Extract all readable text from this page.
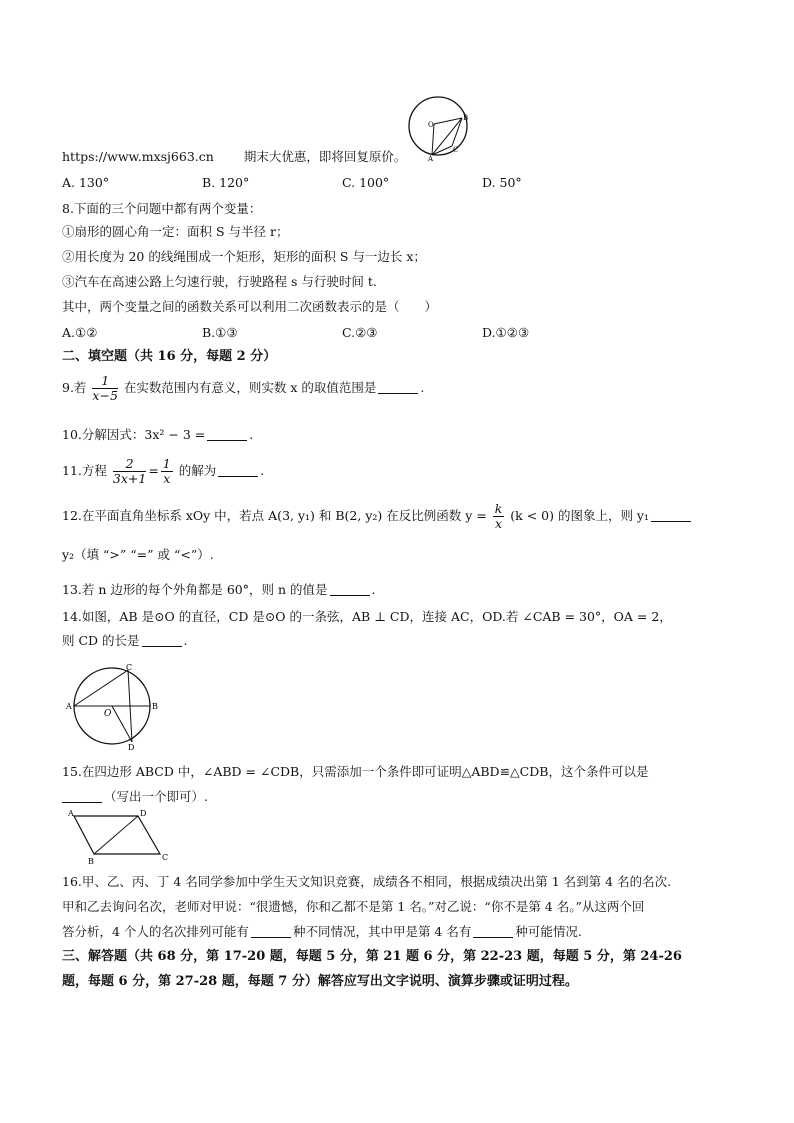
O
B
C
A
https://www.mxsj663.cn 期末大优惠，即将回复原价。
A. 130°	B. 120°	C. 100°	D. 50°
8.下面的三个问题中都有两个变量：
①扇形的圆心角一定：面积 S 与半径 r；
②用长度为 20 的线绳围成一个矩形，矩形的面积 S 与一边长 x；
③汽车在高速公路上匀速行驶，行驶路程 s 与行驶时间 t.
其中，两个变量之间的函数关系可以利用二次函数表示的是（　　）
A.①②	B.①③	C.②③	D.①②③
二、填空题（共 16 分，每题 2 分）
9.若 $\frac{1}{x-5}$ 在实数范围内有意义，则实数 x 的取值范围是	.
10.分解因式：3x² − 3 =	.
11.方程 $\frac{2}{3x+1} = \frac{1}{x}$ 的解为	.
12.在平面直角坐标系 xOy 中，若点 A(3, y₁) 和 B(2, y₂) 在反比例函数 $y = \frac{k}{x} (k < 0)$ 的图象上，则 y₁
y₂（填 “>” “=” 或 “<”）.
13.若 n 边形的每个外角都是 60°，则 n 的值是	.
14.如图，AB 是⊙O 的直径，CD 是⊙O 的一条弦，AB ⊥ CD，连接 AC，OD.若 ∠CAB = 30°，OA = 2，
则 CD 的长是	.
C
A
O
B
D
15.在四边形 ABCD 中，∠ABD = ∠CDB，只需添加一个条件即可证明△ABD≌△CDB，这个条件可以是
（写出一个即可）.
A	D
B	C
16.甲、乙、丙、丁 4 名同学参加中学生天文知识竞赛，成绩各不相同，根据成绩决出第 1 名到第 4 名的名次.
甲和乙去询问名次，老师对甲说：“很遗憾，你和乙都不是第 1 名。”对乙说：“你不是第 4 名。”从这两个回
答分析，4 个人的名次排列可能有	种不同情况，其中甲是第 4 名有	种可能情况.
三、解答题（共 68 分，第 17-20 题，每题 5 分，第 21 题 6 分，第 22-23 题，每题 5 分，第 24-26
题，每题 6 分，第 27-28 题，每题 7 分）解答应写出文字说明、演算步骤或证明过程。
